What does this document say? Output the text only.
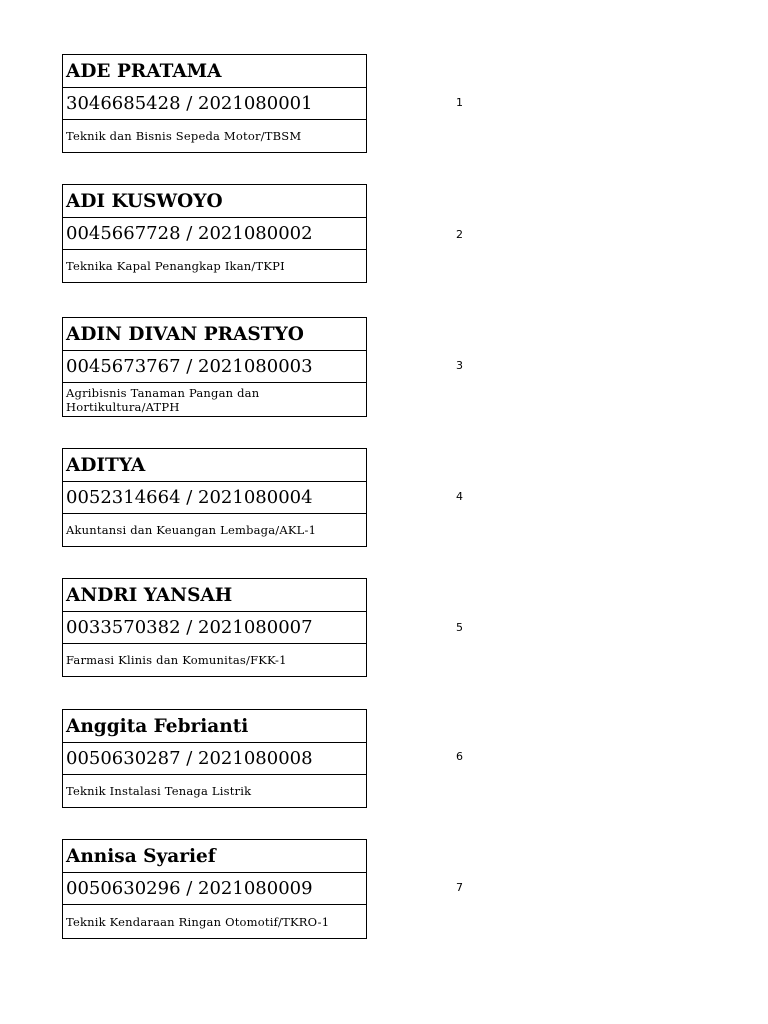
ADE PRATAMA
3046685428 / 2021080001
Teknik dan Bisnis Sepeda Motor/TBSM
1
ADI KUSWOYO
0045667728 / 2021080002
Teknika Kapal Penangkap Ikan/TKPI
2
ADIN DIVAN PRASTYO
0045673767 / 2021080003
Agribisnis Tanaman Pangan dan Hortikultura/ATPH
3
ADITYA
0052314664 / 2021080004
Akuntansi dan Keuangan Lembaga/AKL-1
4
ANDRI YANSAH
0033570382 / 2021080007
Farmasi Klinis dan Komunitas/FKK-1
5
Anggita Febrianti
0050630287 / 2021080008
Teknik Instalasi Tenaga Listrik
6
Annisa Syarief
0050630296 / 2021080009
Teknik Kendaraan Ringan Otomotif/TKRO-1
7
